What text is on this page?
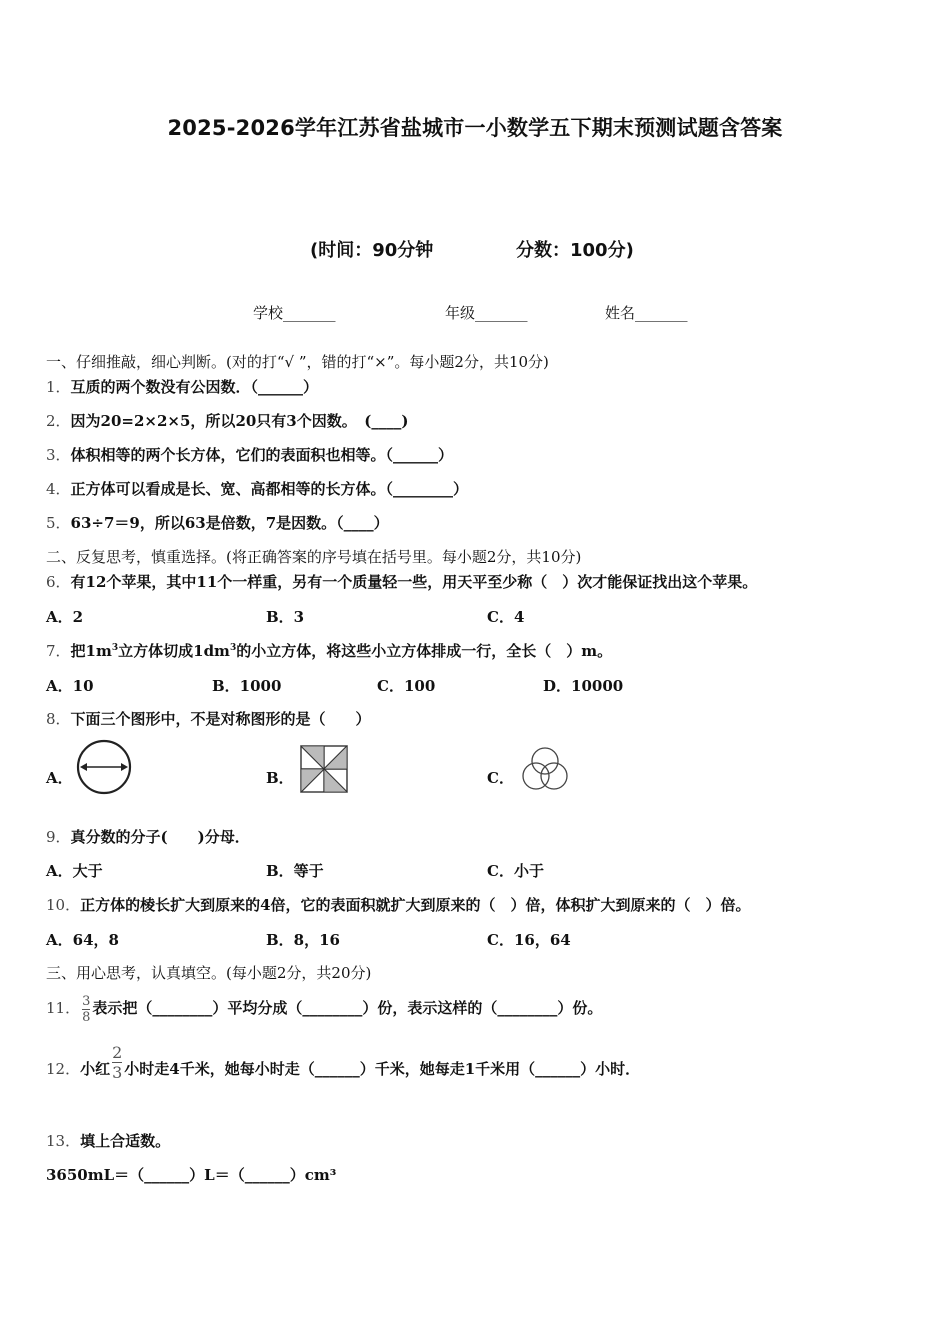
2025-2026学年江苏省盐城市一小数学五下期末预测试题含答案
(时间：90分钟	分数：100分)
学校_______	年级_______	姓名_______
一、仔细推敲，细心判断。(对的打“√ ”，错的打“×”。每小题2分，共10分)
1．互质的两个数没有公因数．（______）
2．因为20=2×2×5，所以20只有3个因数。　(____)
3．体积相等的两个长方体，它们的表面积也相等。（______）
4．正方体可以看成是长、宽、高都相等的长方体。（________）
5．63÷7＝9，所以63是倍数，7是因数。（____）
二、反复思考，慎重选择。(将正确答案的序号填在括号里。每小题2分，共10分)
6．有12个苹果，其中11个一样重，另有一个质量轻一些，用天平至少称（　）次才能保证找出这个苹果。
A．2	B．3	C．4
7．把$1m^3$立方体切成$1dm^3$的小立方体，将这些小立方体排成一行，全长（　）m。
A．10	B．1000	C．100	D．10000
8．下面三个图形中，不是对称图形的是（　　）
A．	B．	C．
9．真分数的分子(　　)分母．
A．大于	B．等于	C．小于
10．正方体的棱长扩大到原来的4倍，它的表面积就扩大到原来的（　）倍，体积扩大到原来的（　）倍。
A．64，8	B．8，16	C．16，64
三、用心思考，认真填空。(每小题2分，共20分)
11． $\frac{3}{8}$ 表示把（________）平均分成（________）份，表示这样的（________）份。
12．小红 $\frac{2}{3}$ 小时走4千米，她每小时走（______）千米，她每走1千米用（______）小时．
13．填上合适数。
3650mL＝（______）L＝（______）cm³
